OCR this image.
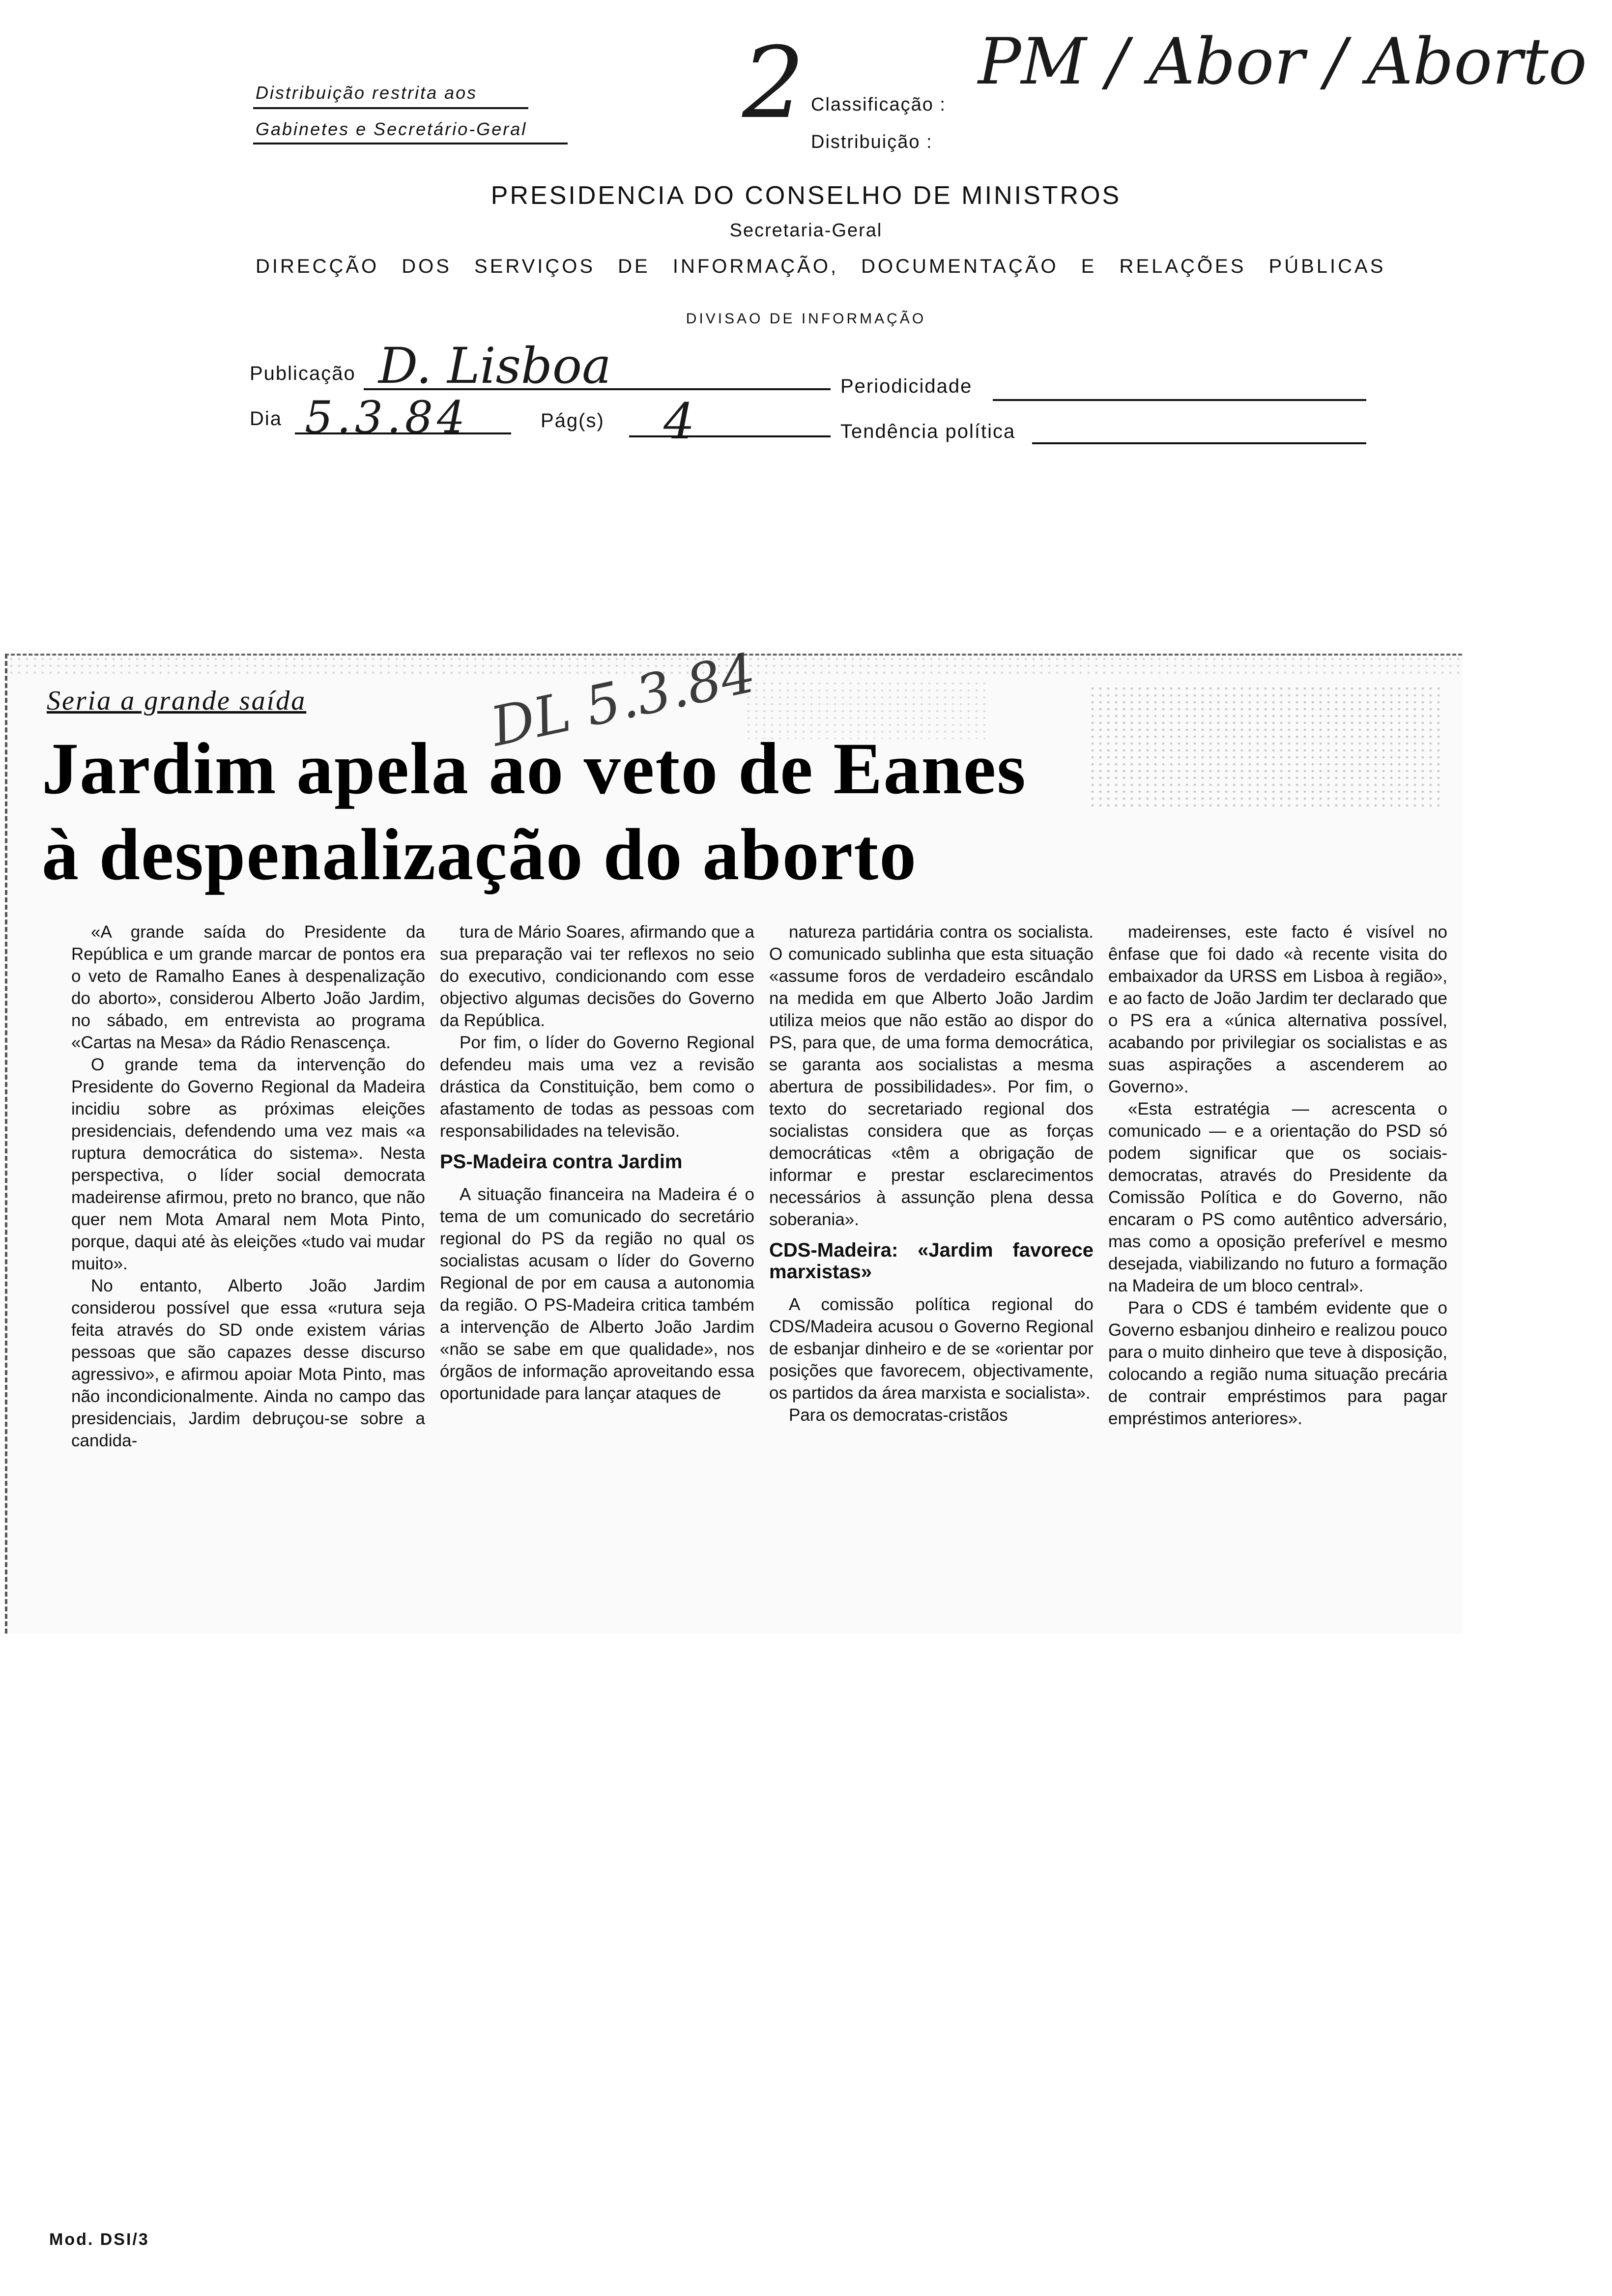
Distribuição restrita aos
Gabinetes e Secretário-Geral 2 Classificação :
Distribuição :
PM / Abor / Aborto
PRESIDENCIA DO CONSELHO DE MINISTROS
Secretaria-Geral
DIRECÇÃO DOS SERVIÇOS DE INFORMAÇÃO, DOCUMENTAÇÃO E RELAÇÕES PÚBLICAS
DIVISAO DE INFORMAÇÃO
Publicação D. Lisboa	Periodicidade
Dia 5.3.84	Pág(s) 4	Tendência política
Seria a grande saída	DL 5.3.84
Jardim apela ao veto de Eanes
à despenalização do aborto

«A grande saída do Presidente da República e um grande marcar de pontos era o veto de Ramalho Eanes à despenalização do aborto», considerou Alberto João Jardim, no sábado, em entrevista ao programa «Cartas na Mesa» da Rádio Renascença.

O grande tema da intervenção do Presidente do Governo Regional da Madeira incidiu sobre as próximas eleições presidenciais, defendendo uma vez mais «a ruptura democrática do sistema». Nesta perspectiva, o líder social democrata madeirense afirmou, preto no branco, que não quer nem Mota Amaral nem Mota Pinto, porque, daqui até às eleições «tudo vai mudar muito».

No entanto, Alberto João Jardim considerou possível que essa «rutura seja feita através do SD onde existem várias pessoas que são capazes desse discurso agressivo», e afirmou apoiar Mota Pinto, mas não incondicionalmente. Ainda no campo das presidenciais, Jardim debruçou-se sobre a candida-

tura de Mário Soares, afirmando que a sua preparação vai ter reflexos no seio do executivo, condicionando com esse objectivo algumas decisões do Governo da República.

Por fim, o líder do Governo Regional defendeu mais uma vez a revisão drástica da Constituição, bem como o afastamento de todas as pessoas com responsabilidades na televisão.

PS-Madeira contra Jardim

A situação financeira na Madeira é o tema de um comunicado do secretário regional do PS da região no qual os socialistas acusam o líder do Governo Regional de por em causa a autonomia da região. O PS-Madeira critica também a intervenção de Alberto João Jardim «não se sabe em que qualidade», nos órgãos de informação aproveitando essa oportunidade para lançar ataques de

natureza partidária contra os socialista. O comunicado sublinha que esta situação «assume foros de verdadeiro escândalo na medida em que Alberto João Jardim utiliza meios que não estão ao dispor do PS, para que, de uma forma democrática, se garanta aos socialistas a mesma abertura de possibilidades». Por fim, o texto do secretariado regional dos socialistas considera que as forças democráticas «têm a obrigação de informar e prestar esclarecimentos necessários à assunção plena dessa soberania».

CDS-Madeira: «Jardim favorece marxistas»

A comissão política regional do CDS/Madeira acusou o Governo Regional de esbanjar dinheiro e de se «orientar por posições que favorecem, objectivamente, os partidos da área marxista e socialista».

Para os democratas-cristãos

madeirenses, este facto é visível no ênfase que foi dado «à recente visita do embaixador da URSS em Lisboa à região», e ao facto de João Jardim ter declarado que o PS era a «única alternativa possível, acabando por privilegiar os socialistas e as suas aspirações a ascenderem ao Governo».

«Esta estratégia — acrescenta o comunicado — e a orientação do PSD só podem significar que os sociais-democratas, através do Presidente da Comissão Política e do Governo, não encaram o PS como autêntico adversário, mas como a oposição preferível e mesmo desejada, viabilizando no futuro a formação na Madeira de um bloco central».

Para o CDS é também evidente que o Governo esbanjou dinheiro e realizou pouco para o muito dinheiro que teve à disposição, colocando a região numa situação precária de contrair empréstimos para pagar empréstimos anteriores».

Mod. DSI/3
